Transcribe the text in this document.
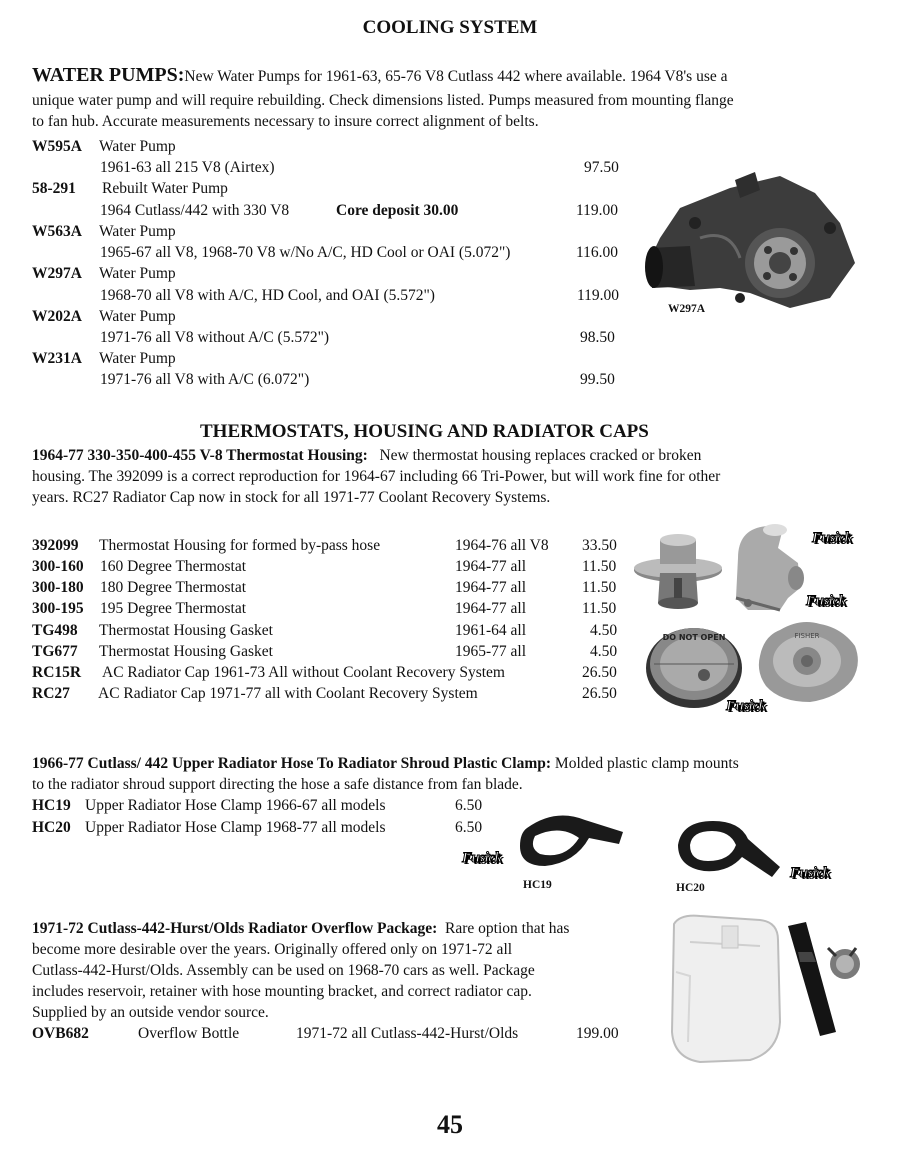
COOLING SYSTEM
WATER PUMPS:New Water Pumps for 1961-63, 65-76 V8 Cutlass 442 where available. 1964 V8's use a
unique water pump and will require rebuilding. Check dimensions listed. Pumps measured from mounting flange
to fan hub. Accurate measurements necessary to insure correct alignment of belts.
W595A Water Pump
1961-63 all 215 V8 (Airtex)	97.50
58-291 Rebuilt Water Pump
1964 Cutlass/442 with 330 V8	Core deposit 30.00	119.00
W563A Water Pump
1965-67 all V8, 1968-70 V8 w/No A/C, HD Cool or OAI (5.072")	116.00
W297A Water Pump
1968-70 all V8 with A/C, HD Cool, and OAI (5.572")	119.00
W202A Water Pump
1971-76 all V8 without A/C (5.572")	98.50
W231A Water Pump
1971-76 all V8 with A/C (6.072")	99.50
W297A
THERMOSTATS, HOUSING AND RADIATOR CAPS
1964-77 330-350-400-455 V-8 Thermostat Housing: New thermostat housing replaces cracked or broken
housing. The 392099 is a correct reproduction for 1964-67 including 66 Tri-Power, but will work fine for other
years. RC27 Radiator Cap now in stock for all 1971-77 Coolant Recovery Systems.
392099 Thermostat Housing for formed by-pass hose	1964-76 all V8 33.50
300-160 160 Degree Thermostat	1964-77 all	11.50
300-180 180 Degree Thermostat	1964-77 all	11.50
300-195 195 Degree Thermostat	1964-77 all	11.50
TG498 Thermostat Housing Gasket	1961-64 all	4.50
TG677 Thermostat Housing Gasket	1965-77 all	4.50
RC15R AC Radiator Cap 1961-73 All without Coolant Recovery System	26.50
RC27 AC Radiator Cap 1971-77 all with Coolant Recovery System	26.50
DO NOT OPEN	FISHER
Fusick
Fusick
Fusick
1966-77 Cutlass/ 442 Upper Radiator Hose To Radiator Shroud Plastic Clamp: Molded plastic clamp mounts
to the radiator shroud support directing the hose a safe distance from fan blade.
HC19 Upper Radiator Hose Clamp 1966-67 all models	6.50
HC20 Upper Radiator Hose Clamp 1968-77 all models	6.50
HC19	HC20
Fusick
Fusick
1971-72 Cutlass-442-Hurst/Olds Radiator Overflow Package: Rare option that has
become more desirable over the years. Originally offered only on 1971-72 all
Cutlass-442-Hurst/Olds. Assembly can be used on 1968-70 cars as well. Package
includes reservoir, retainer with hose mounting bracket, and correct radiator cap.
Supplied by an outside vendor source.
OVB682	Overflow Bottle	1971-72 all Cutlass-442-Hurst/Olds	199.00
45
